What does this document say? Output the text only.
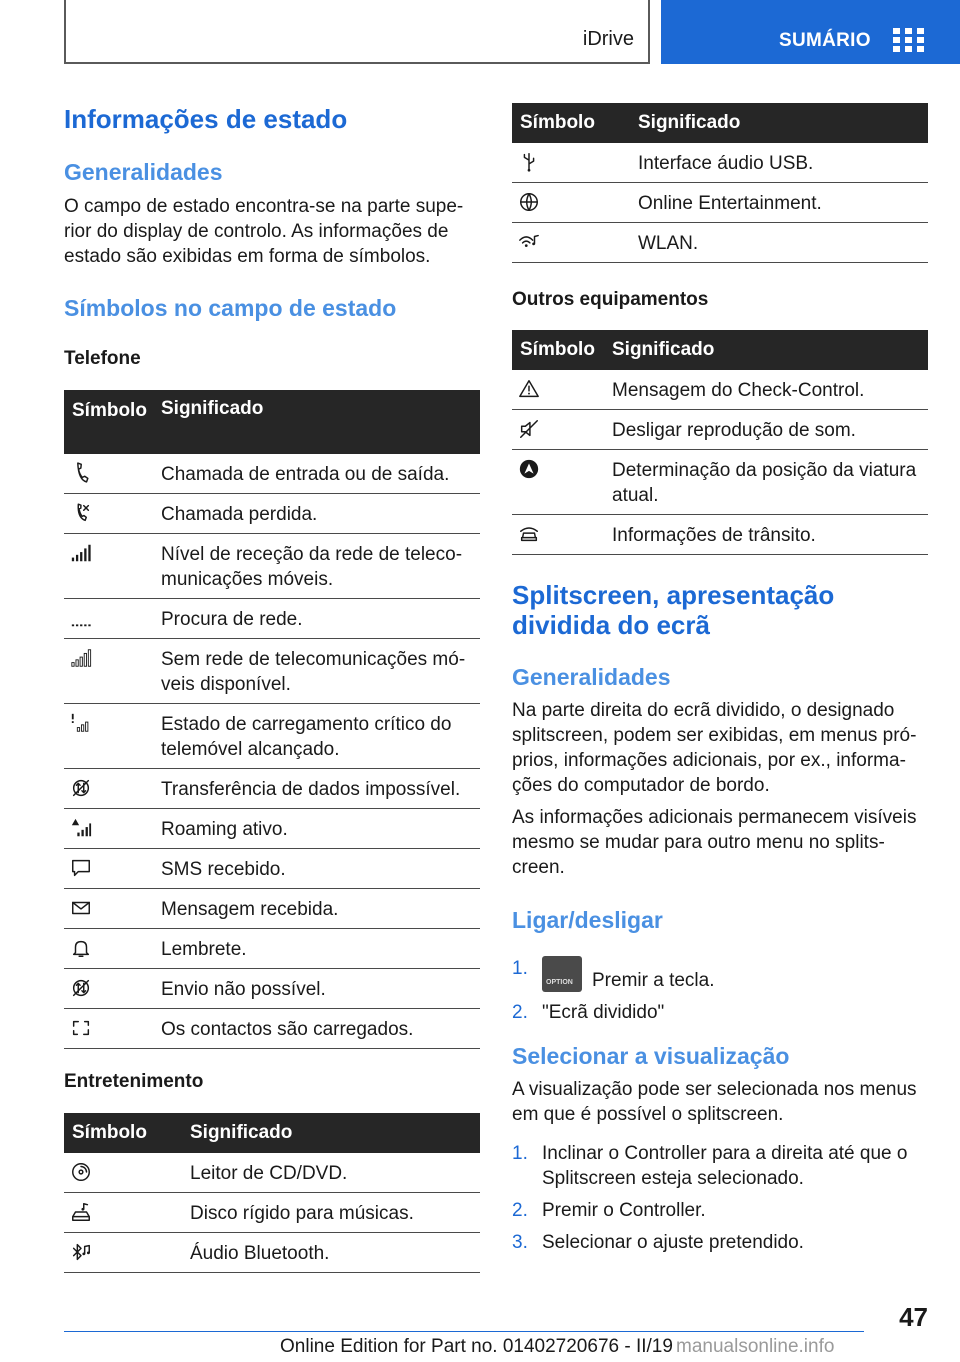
iDrive	SUMÁRIO
Informações de estado
Generalidades
O campo de estado encontra-se na parte superior do display de controlo. As informações de estado são exibidas em forma de símbolos.
Símbolos no campo de estado
Telefone
Símbolo	Significado

	Chamada de entrada ou de saída.

	Chamada perdida.

	Nível de receção da rede de telecomunicações móveis.

	Procura de rede.

	Sem rede de telecomunicações móveis disponível.

	Estado de carregamento crítico do telemóvel alcançado.

	Transferência de dados impossível.

	Roaming ativo.

	SMS recebido.

	Mensagem recebida.

	Lembrete.

	Envio não possível.

	Os contactos são carregados.
Entretenimento
Símbolo	Significado

	Leitor de CD/DVD.

	Disco rígido para músicas.

	Áudio Bluetooth.
Símbolo	Significado

	Interface áudio USB.

	Online Entertainment.

	WLAN.
Outros equipamentos
Símbolo	Significado

	Mensagem do Check-Control.

	Desligar reprodução de som.

	Determinação da posição da viatura atual.

	Informações de trânsito.
Splitscreen, apresentação dividida do ecrã
Generalidades
Na parte direita do ecrã dividido, o designado splitscreen, podem ser exibidas, em menus próprios, informações adicionais, por ex., informações do computador de bordo.
As informações adicionais permanecem visíveis mesmo se mudar para outro menu no splitscreen.
Ligar/desligar
1.
OPTION Premir a tecla.
2. "Ecrã dividido"
Selecionar a visualização
A visualização pode ser selecionada nos menus em que é possível o splitscreen.
1. Inclinar o Controller para a direita até que o Splitscreen esteja selecionado.
2. Premir o Controller.
3. Selecionar o ajuste pretendido.
47
Online Edition for Part no. 01402720676 - II/19 manualsonline.info
